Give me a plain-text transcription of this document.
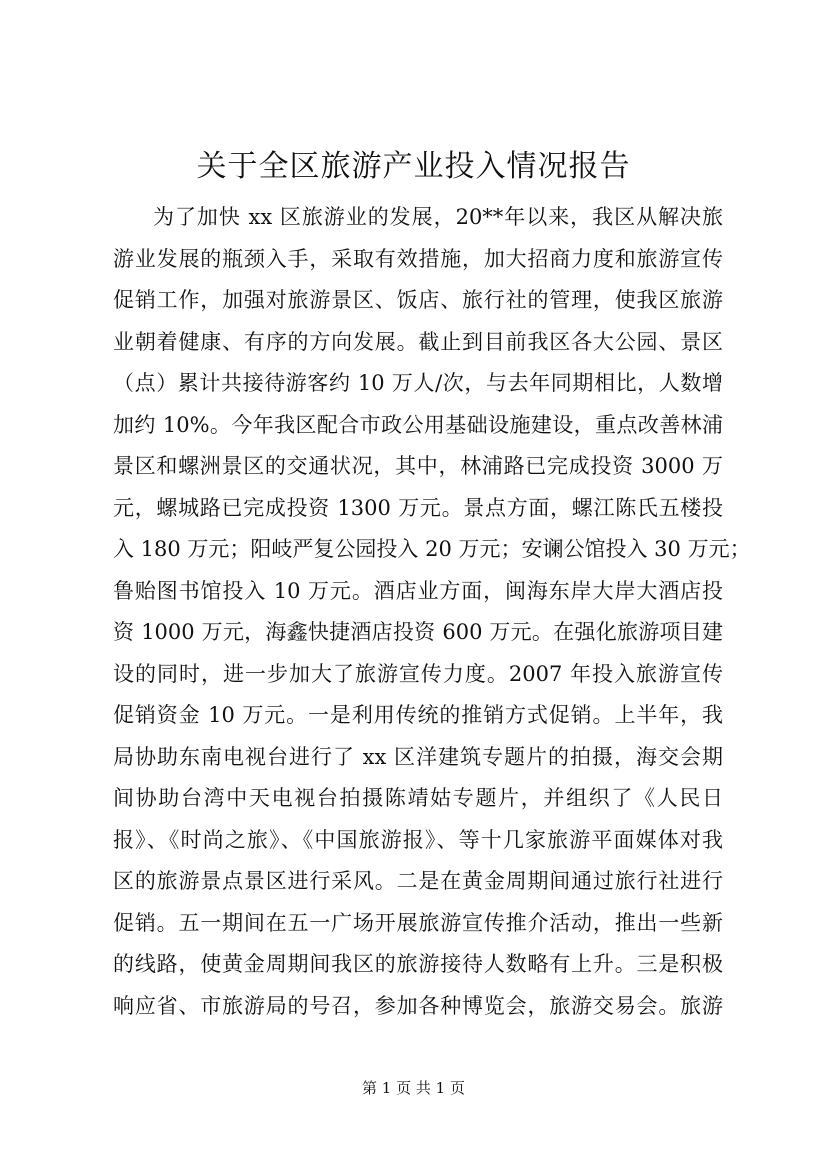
关于全区旅游产业投入情况报告
为了加快 xx 区旅游业的发展，20**年以来，我区从解决旅
游业发展的瓶颈入手，采取有效措施，加大招商力度和旅游宣传
促销工作，加强对旅游景区、饭店、旅行社的管理，使我区旅游
业朝着健康、有序的方向发展。截止到目前我区各大公园、景区
（点）累计共接待游客约 10 万人/次，与去年同期相比，人数增
加约 10%。今年我区配合市政公用基础设施建设，重点改善林浦
景区和螺洲景区的交通状况，其中，林浦路已完成投资 3000 万
元，螺城路已完成投资 1300 万元。景点方面，螺江陈氏五楼投
入 180 万元；阳岐严复公园投入 20 万元；安谰公馆投入 30 万元；
鲁贻图书馆投入 10 万元。酒店业方面，闽海东岸大岸大酒店投
资 1000 万元，海鑫快捷酒店投资 600 万元。在强化旅游项目建
设的同时，进一步加大了旅游宣传力度。2007 年投入旅游宣传
促销资金 10 万元。一是利用传统的推销方式促销。上半年，我
局协助东南电视台进行了 xx 区洋建筑专题片的拍摄，海交会期
间协助台湾中天电视台拍摄陈靖姑专题片，并组织了《人民日
报》、《时尚之旅》、《中国旅游报》、等十几家旅游平面媒体对我
区的旅游景点景区进行采风。二是在黄金周期间通过旅行社进行
促销。五一期间在五一广场开展旅游宣传推介活动，推出一些新
的线路，使黄金周期间我区的旅游接待人数略有上升。三是积极
响应省、市旅游局的号召，参加各种博览会，旅游交易会。旅游
第 1 页 共 1 页
